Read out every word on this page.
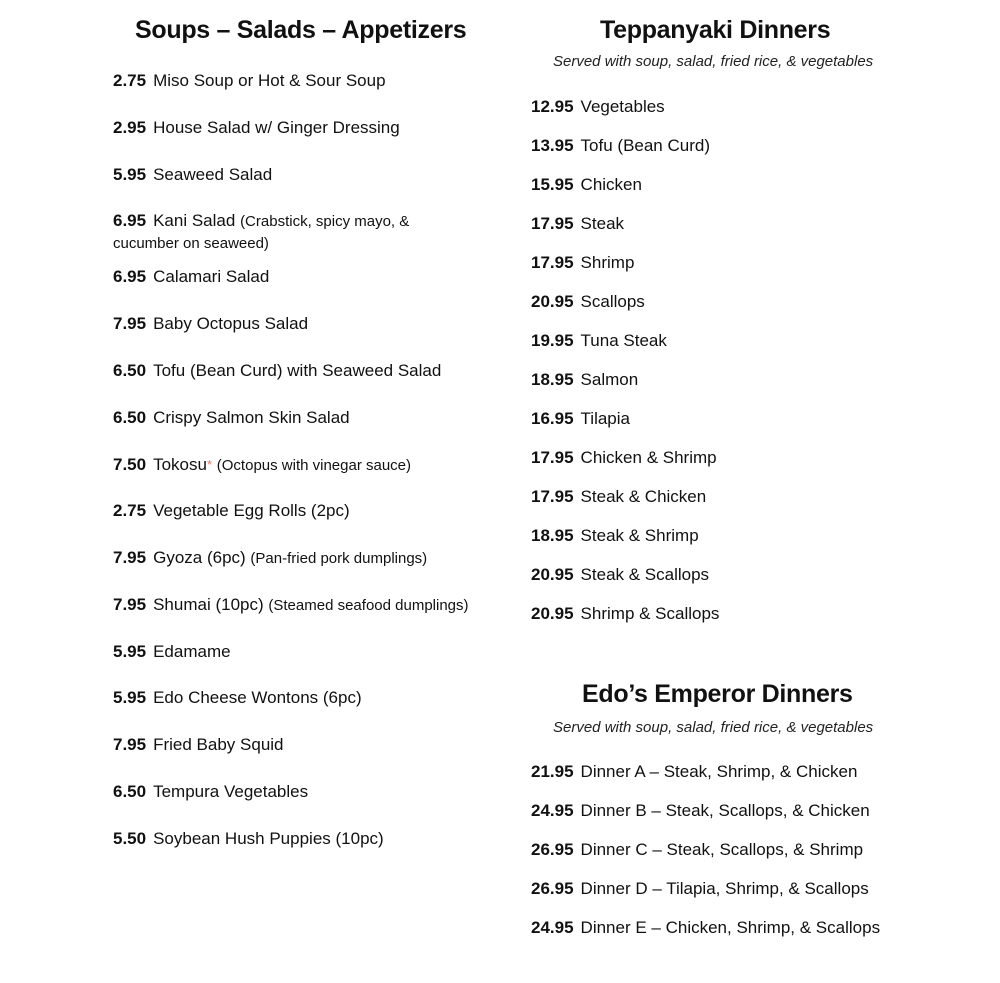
Soups – Salads – Appetizers
2.75 Miso Soup or Hot & Sour Soup
2.95 House Salad w/ Ginger Dressing
5.95 Seaweed Salad
6.95 Kani Salad (Crabstick, spicy mayo, & cucumber on seaweed)
6.95 Calamari Salad
7.95 Baby Octopus Salad
6.50 Tofu (Bean Curd) with Seaweed Salad
6.50 Crispy Salmon Skin Salad
7.50 Tokosu* (Octopus with vinegar sauce)
2.75 Vegetable Egg Rolls (2pc)
7.95 Gyoza (6pc) (Pan-fried pork dumplings)
7.95 Shumai (10pc) (Steamed seafood dumplings)
5.95 Edamame
5.95 Edo Cheese Wontons (6pc)
7.95 Fried Baby Squid
6.50 Tempura Vegetables
5.50 Soybean Hush Puppies (10pc)
Teppanyaki Dinners
Served with soup, salad, fried rice, & vegetables
12.95 Vegetables
13.95 Tofu (Bean Curd)
15.95 Chicken
17.95 Steak
17.95 Shrimp
20.95 Scallops
19.95 Tuna Steak
18.95 Salmon
16.95 Tilapia
17.95 Chicken & Shrimp
17.95 Steak & Chicken
18.95 Steak & Shrimp
20.95 Steak & Scallops
20.95 Shrimp & Scallops
Edo’s Emperor Dinners
Served with soup, salad, fried rice, & vegetables
21.95 Dinner A – Steak, Shrimp, & Chicken
24.95 Dinner B – Steak, Scallops, & Chicken
26.95 Dinner C – Steak, Scallops, & Shrimp
26.95 Dinner D – Tilapia, Shrimp, & Scallops
24.95 Dinner E – Chicken, Shrimp, & Scallops
